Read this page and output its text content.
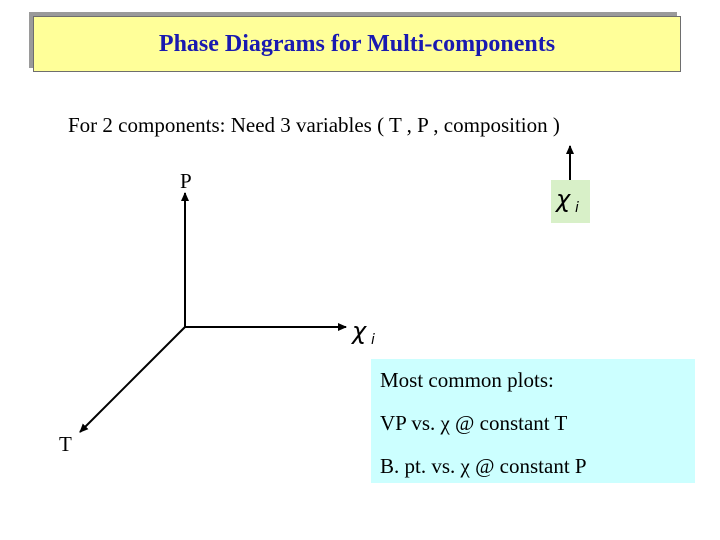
Phase Diagrams for Multi-components
For 2 components: Need 3 variables ( T , P , composition )
P
T
χ i
χ i
Most common plots:
VP vs. χ @ constant T
B. pt. vs. χ @ constant P
